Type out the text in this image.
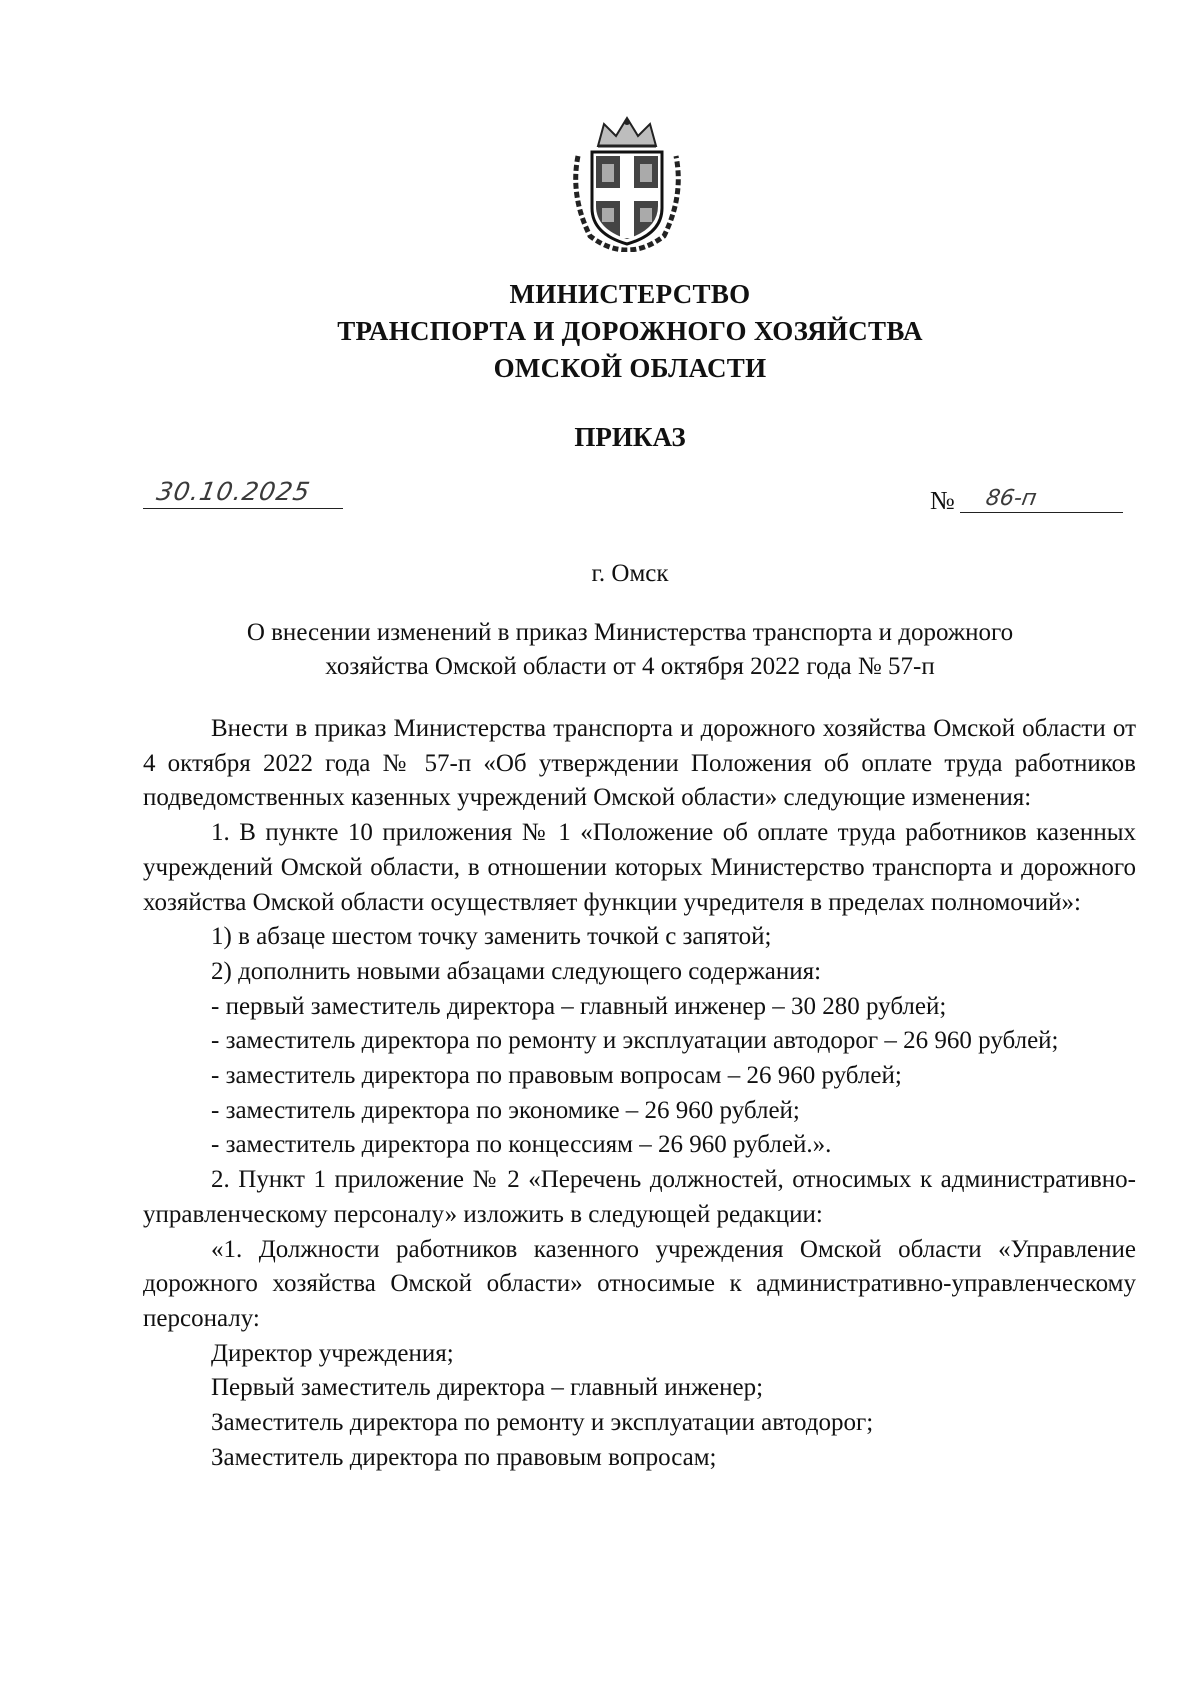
МИНИСТЕРСТВО
ТРАНСПОРТА И ДОРОЖНОГО ХОЗЯЙСТВА
ОМСКОЙ ОБЛАСТИ
ПРИКАЗ
30.10.2025	№ 86-п
г. Омск
О внесении изменений в приказ Министерства транспорта и дорожного
хозяйства Омской области от 4 октября 2022 года № 57-п

Внести в приказ Министерства транспорта и дорожного хозяйства Омской области от 4 октября 2022 года № 57-п «Об утверждении Положения об оплате труда работников подведомственных казенных учреждений Омской области» следующие изменения:

1. В пункте 10 приложения № 1 «Положение об оплате труда работников казенных учреждений Омской области, в отношении которых Министерство транспорта и дорожного хозяйства Омской области осуществляет функции учредителя в пределах полномочий»:

1) в абзаце шестом точку заменить точкой с запятой;

2) дополнить новыми абзацами следующего содержания:

- первый заместитель директора – главный инженер – 30 280 рублей;

- заместитель директора по ремонту и эксплуатации автодорог – 26 960 рублей;

- заместитель директора по правовым вопросам – 26 960 рублей;

- заместитель директора по экономике – 26 960 рублей;

- заместитель директора по концессиям – 26 960 рублей.».

2. Пункт 1 приложение № 2 «Перечень должностей, относимых к административно-управленческому персоналу» изложить в следующей редакции:

«1. Должности работников казенного учреждения Омской области «Управление дорожного хозяйства Омской области» относимые к административно-управленческому персоналу:

Директор учреждения;

Первый заместитель директора – главный инженер;

Заместитель директора по ремонту и эксплуатации автодорог;

Заместитель директора по правовым вопросам;
